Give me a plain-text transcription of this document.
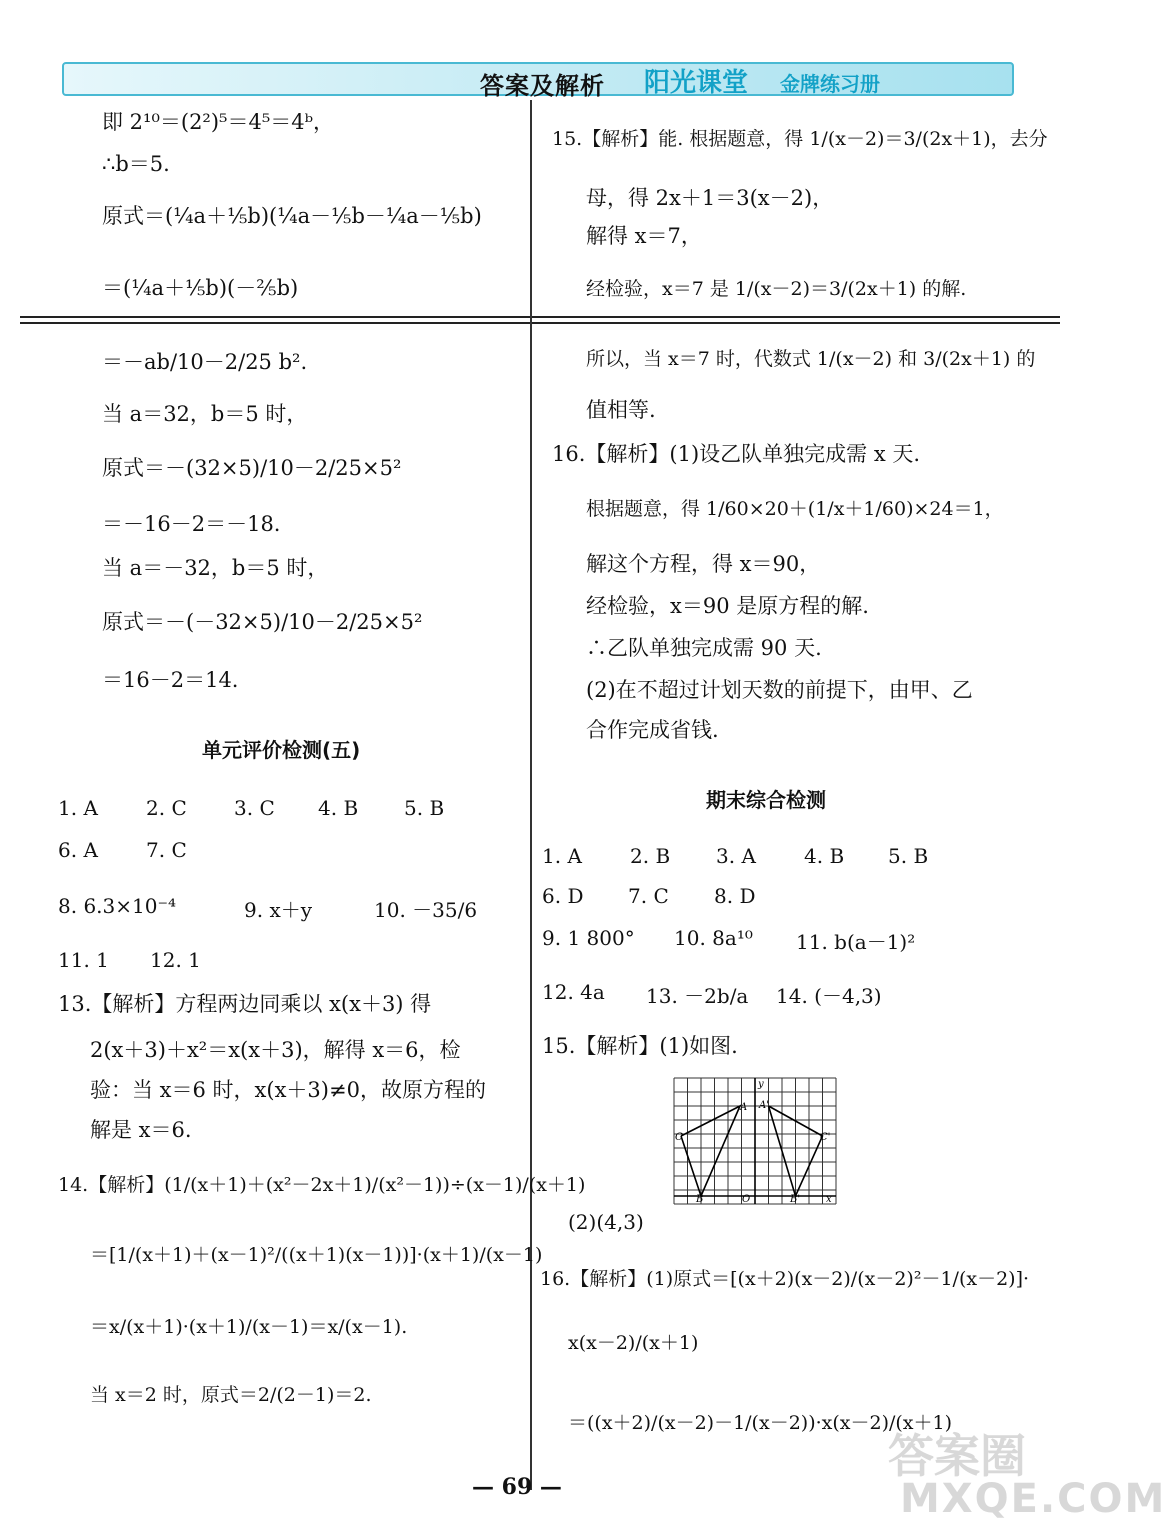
答案及解析 阳光课堂 金牌练习册
即 2¹⁰＝(2²)⁵＝4⁵＝4ᵇ，
∴b＝5.
原式＝(¼a＋⅕b)(¼a－⅕b－¼a－⅕b)
＝(¼a＋⅕b)(－⅖b)
＝－ab/10－2/25 b².
当 a＝32，b＝5 时，
原式＝－(32×5)/10－2/25×5²
＝－16－2＝－18.
当 a＝－32，b＝5 时，
原式＝－(－32×5)/10－2/25×5²
＝16－2＝14.
单元评价检测(五)
1. A 2. C 3. C 4. B 5. B
6. A 7. C
8. 6.3×10⁻⁴	9. x＋y	10. －35/6
11. 1 12. 1
13.【解析】方程两边同乘以 x(x＋3) 得
2(x＋3)＋x²＝x(x＋3)，解得 x＝6，检
验：当 x＝6 时，x(x＋3)≠0，故原方程的
解是 x＝6.
14.【解析】(1/(x＋1)＋(x²－2x＋1)/(x²－1))÷(x－1)/(x＋1)
＝[1/(x＋1)＋(x－1)²/((x＋1)(x－1))]·(x＋1)/(x－1)
＝x/(x＋1)·(x＋1)/(x－1)＝x/(x－1).
当 x＝2 时，原式＝2/(2－1)＝2.
15.【解析】能. 根据题意，得 1/(x－2)＝3/(2x＋1)，去分
母，得 2x＋1＝3(x－2)，
解得 x＝7，
经检验，x＝7 是 1/(x－2)＝3/(2x＋1) 的解.
所以，当 x＝7 时，代数式 1/(x－2) 和 3/(2x＋1) 的
值相等.
16.【解析】(1)设乙队单独完成需 x 天.
根据题意，得 1/60×20＋(1/x＋1/60)×24＝1，
解这个方程，得 x＝90，
经检验，x＝90 是原方程的解.
∴乙队单独完成需 90 天.
(2)在不超过计划天数的前提下，由甲、乙
合作完成省钱.
期末综合检测
1. A 2. B 3. A 4. B 5. B
6. D 7. C 8. D
9. 1 800° 10. 8a¹⁰ 11. b(a－1)²
12. 4a 13. －2b/a 14. (－4,3)
15.【解析】(1)如图.
y
x
O
A A'
B	B'
C	C'
(2)(4,3)
16.【解析】(1)原式＝[(x＋2)(x－2)/(x－2)²－1/(x－2)]·
x(x－2)/(x＋1)
＝((x＋2)/(x－2)－1/(x－2))·x(x－2)/(x＋1)
— 69 —
答案圈
MXQE.COM
